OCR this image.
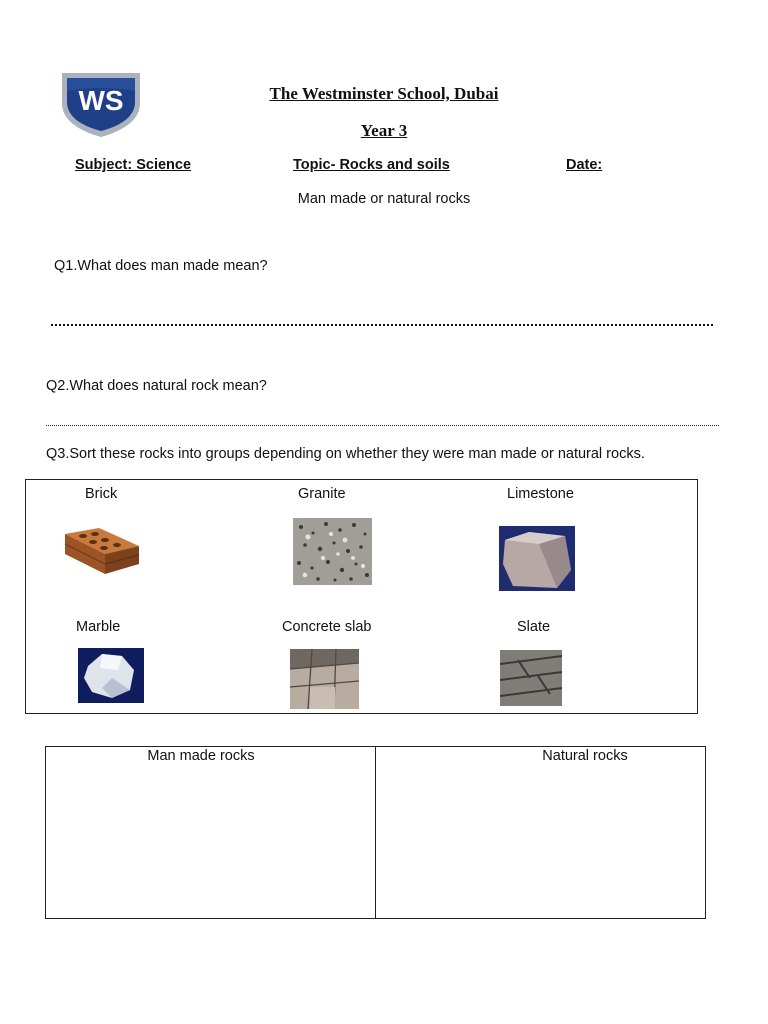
WS	The Westminster School, Dubai
Year 3
Subject: Science	Topic- Rocks and soils	Date:
Man made or natural rocks
Q1.What does man made mean?
Q2.What does natural rock mean?
Q3.Sort these rocks into groups depending on whether they were man made or natural rocks.
Brick	Granite	Limestone
Marble	Concrete slab	Slate
Man made rocks	Natural rocks
